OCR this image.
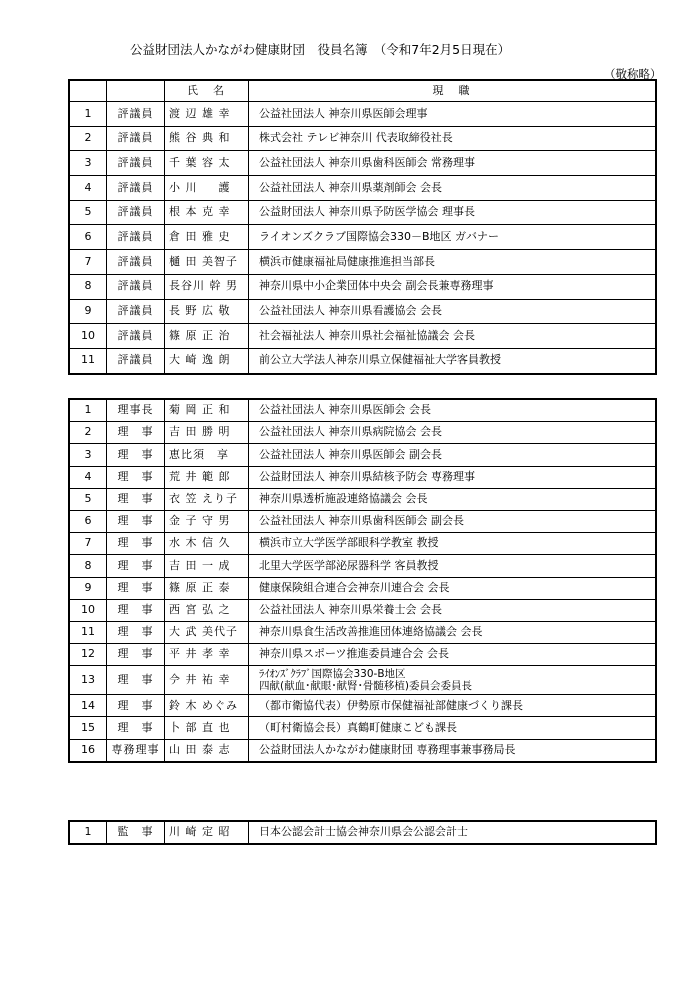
公益財団法人かながわ健康財団　役員名簿　（令和7年2月5日現在）
（敬称略）
		氏　名	現　職
1	評議員	渡 辺 雄 幸	公益社団法人 神奈川県医師会理事
2	評議員	熊 谷 典 和	株式会社 テレビ神奈川 代表取締役社長
3	評議員	千 葉 容 太	公益社団法人 神奈川県歯科医師会 常務理事
4	評議員	小 川 　 護	公益社団法人 神奈川県薬剤師会 会長
5	評議員	根 本 克 幸	公益財団法人 神奈川県予防医学協会 理事長
6	評議員	倉 田 雅 史	ライオンズクラブ国際協会330－B地区 ガバナー
7	評議員	樋 田 美智子	横浜市健康福祉局健康推進担当部長
8	評議員	長谷川 幹 男	神奈川県中小企業団体中央会 副会長兼専務理事
9	評議員	長 野 広 敬	公益社団法人 神奈川県看護協会 会長
10	評議員	篠 原 正 治	社会福祉法人 神奈川県社会福祉協議会 会長
11	評議員	大 崎 逸 朗	前公立大学法人神奈川県立保健福祉大学客員教授
1	理事長	菊 岡 正 和	公益社団法人 神奈川県医師会 会長
2	理　事	吉 田 勝 明	公益社団法人 神奈川県病院協会 会長
3	理　事	恵比須　享	公益社団法人 神奈川県医師会 副会長
4	理　事	荒 井 範 郎	公益財団法人 神奈川県結核予防会 専務理事
5	理　事	衣 笠 えり子	神奈川県透析施設連絡協議会 会長
6	理　事	金 子 守 男	公益社団法人 神奈川県歯科医師会 副会長
7	理　事	水 木 信 久	横浜市立大学医学部眼科学教室 教授
8	理　事	吉 田 一 成	北里大学医学部泌尿器科学 客員教授
9	理　事	篠 原 正 泰	健康保険組合連合会神奈川連合会 会長
10	理　事	西 宮 弘 之	公益社団法人 神奈川県栄養士会 会長
11	理　事	大 武 美代子	神奈川県食生活改善推進団体連絡協議会 会長
12	理　事	平 井 孝 幸	神奈川県スポーツ推進委員連合会 会長
13	理　事	𫝆 井 祐 幸	ﾗｲｵﾝｽﾞｸﾗﾌﾞ国際協会330-B地区
四献(献血･献眼･献腎･骨髄移植)委員会委員長

14	理　事	鈴 木 めぐみ	（都市衛協代表）伊勢原市保健福祉部健康づくり課長
15	理　事	卜 部 直 也	（町村衛協会長）真鶴町健康こども課長
16	専務理事	山 田 泰 志	公益財団法人かながわ健康財団 専務理事兼事務局長
1	監　事	川 崎 定 昭	日本公認会計士協会神奈川県会公認会計士
